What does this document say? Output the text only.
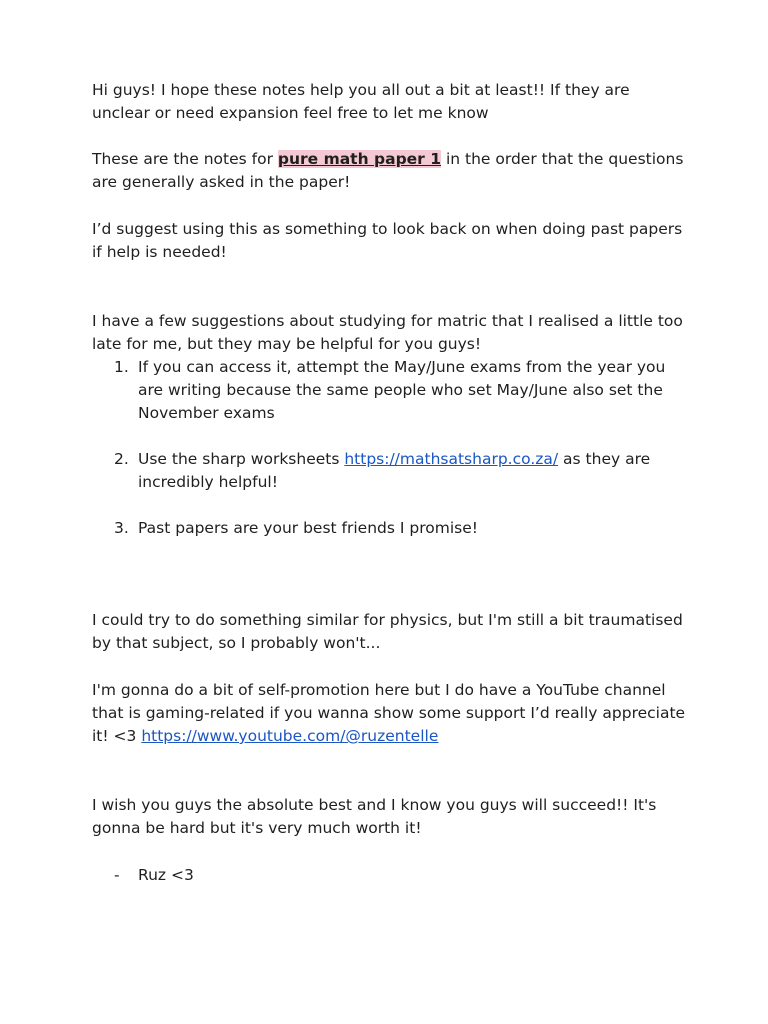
Hi guys! I hope these notes help you all out a bit at least!! If they are unclear or need expansion feel free to let me know

These are the notes for pure math paper 1 in the order that the questions are generally asked in the paper!

I’d suggest using this as something to look back on when doing past papers if help is needed!

I have a few suggestions about studying for matric that I realised a little too late for me, but they may be helpful for you guys!

1. If you can access it, attempt the May/June exams from the year you are writing because the same people who set May/June also set the November exams
2. Use the sharp worksheets https://mathsatsharp.co.za/ as they are incredibly helpful!
3. Past papers are your best friends I promise!

I could try to do something similar for physics, but I'm still a bit traumatised by that subject, so I probably won't...

I'm gonna do a bit of self-promotion here but I do have a YouTube channel that is gaming-related if you wanna show some support I’d really appreciate it! <3 https://www.youtube.com/@ruzentelle

I wish you guys the absolute best and I know you guys will succeed!! It's gonna be hard but it's very much worth it!

-	Ruz <3
